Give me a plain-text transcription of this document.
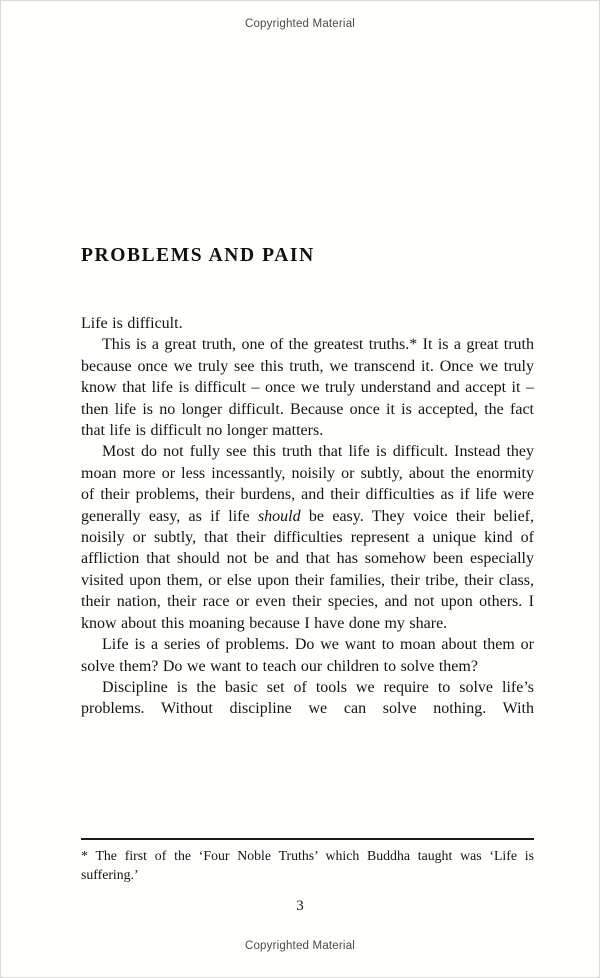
Copyrighted Material
PROBLEMS AND PAIN

Life is difficult.

This is a great truth, one of the greatest truths.* It is a great truth because once we truly see this truth, we transcend it. Once we truly know that life is difficult – once we truly understand and accept it – then life is no longer difficult. Because once it is accepted, the fact that life is difficult no longer matters.

Most do not fully see this truth that life is difficult. Instead they moan more or less incessantly, noisily or subtly, about the enormity of their problems, their burdens, and their difficulties as if life were generally easy, as if life should be easy. They voice their belief, noisily or subtly, that their difficulties represent a unique kind of affliction that should not be and that has somehow been especially visited upon them, or else upon their families, their tribe, their class, their nation, their race or even their species, and not upon others. I know about this moaning because I have done my share.

Life is a series of problems. Do we want to moan about them or solve them? Do we want to teach our children to solve them?

Discipline is the basic set of tools we require to solve life’s problems. Without discipline we can solve nothing. With

* The first of the ‘Four Noble Truths’ which Buddha taught was ‘Life is suffering.’
3
Copyrighted Material
